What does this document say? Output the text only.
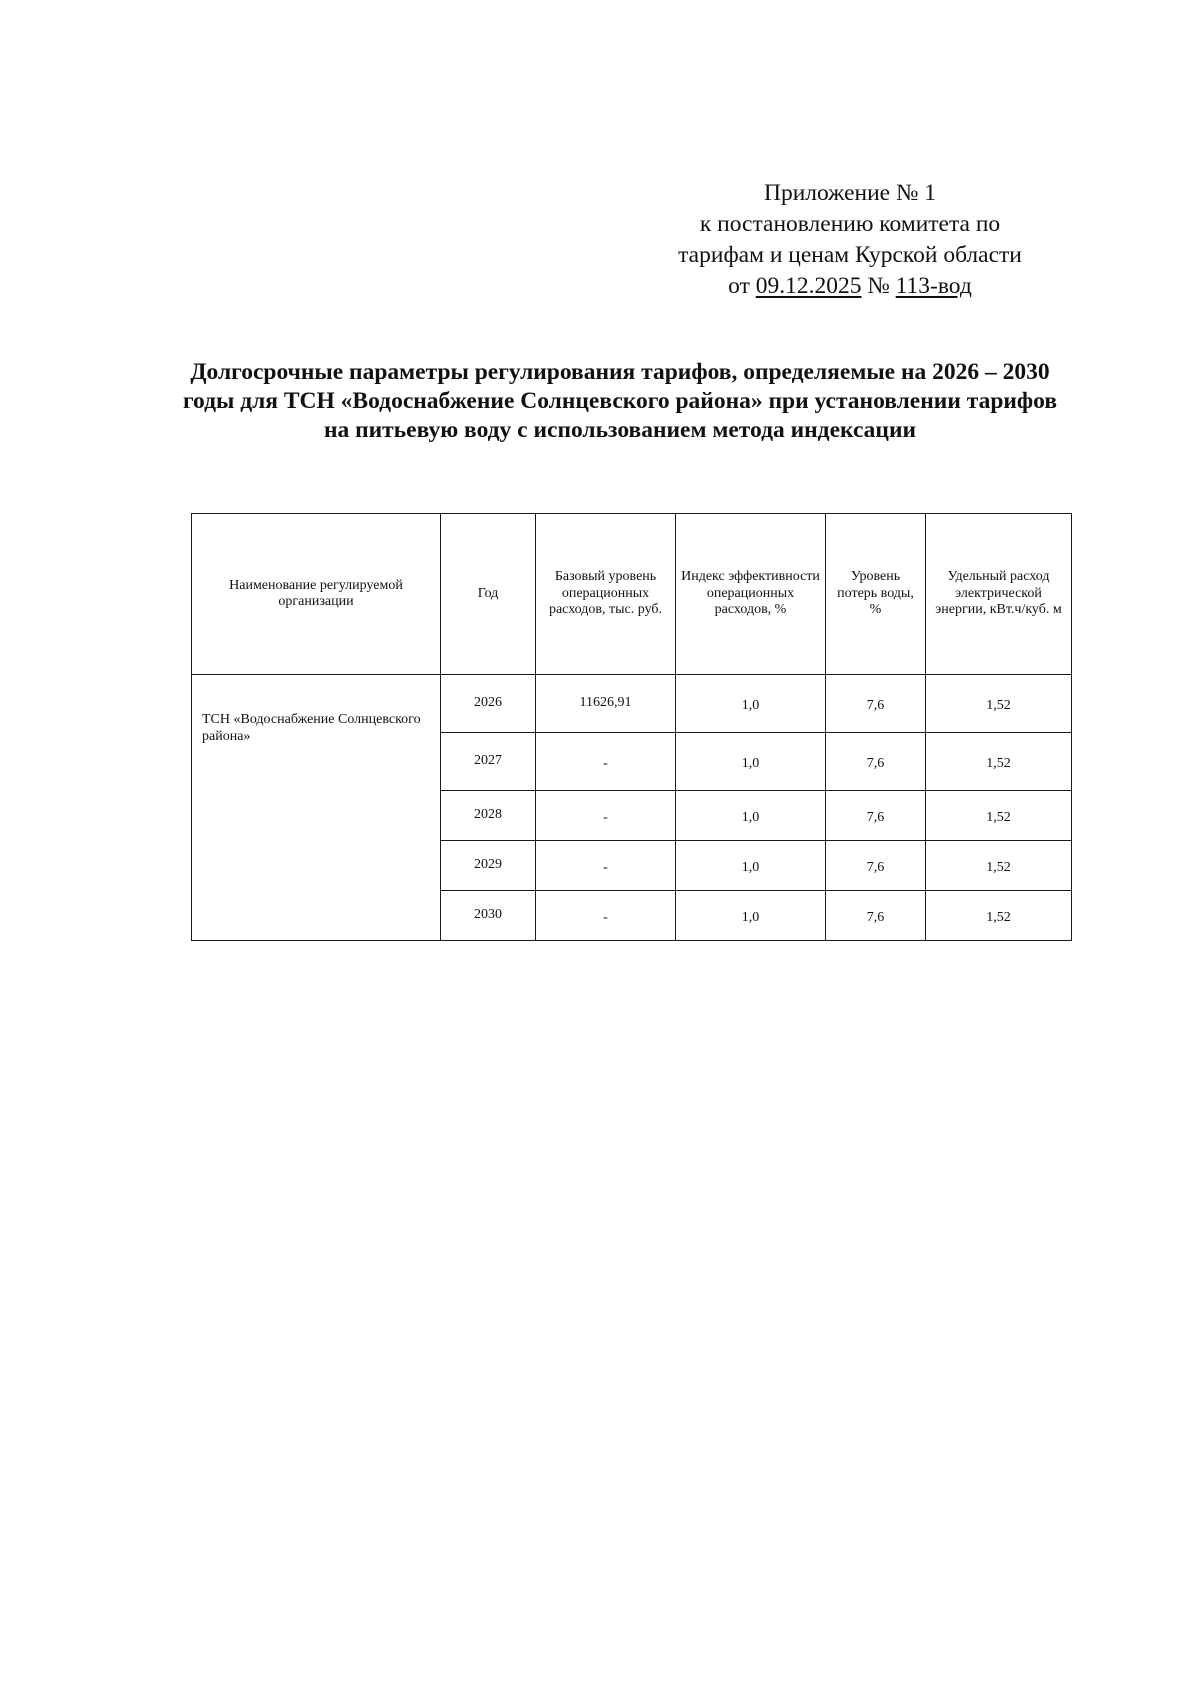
Приложение № 1
к постановлению комитета по
тарифам и ценам Курской области
от 09.12.2025 № 113-вод
Долгосрочные параметры регулирования тарифов, определяемые на 2026 – 2030 годы для ТСН «Водоснабжение Солнцевского района» при установлении тарифов на питьевую воду с использованием метода индексации
Наименование регулируемой организации	Год	Базовый уровень операционных расходов, тыс. руб.	Индекс эффективности операционных расходов, %	Уровень потерь воды, %	Удельный расход электрической энергии, кВт.ч/куб. м
ТСН «Водоснабжение Солнцевского района»	2026	11626,91	1,0	7,6	1,52
	2027	-	1,0	7,6	1,52
	2028	-	1,0	7,6	1,52
	2029	-	1,0	7,6	1,52
	2030	-	1,0	7,6	1,52
